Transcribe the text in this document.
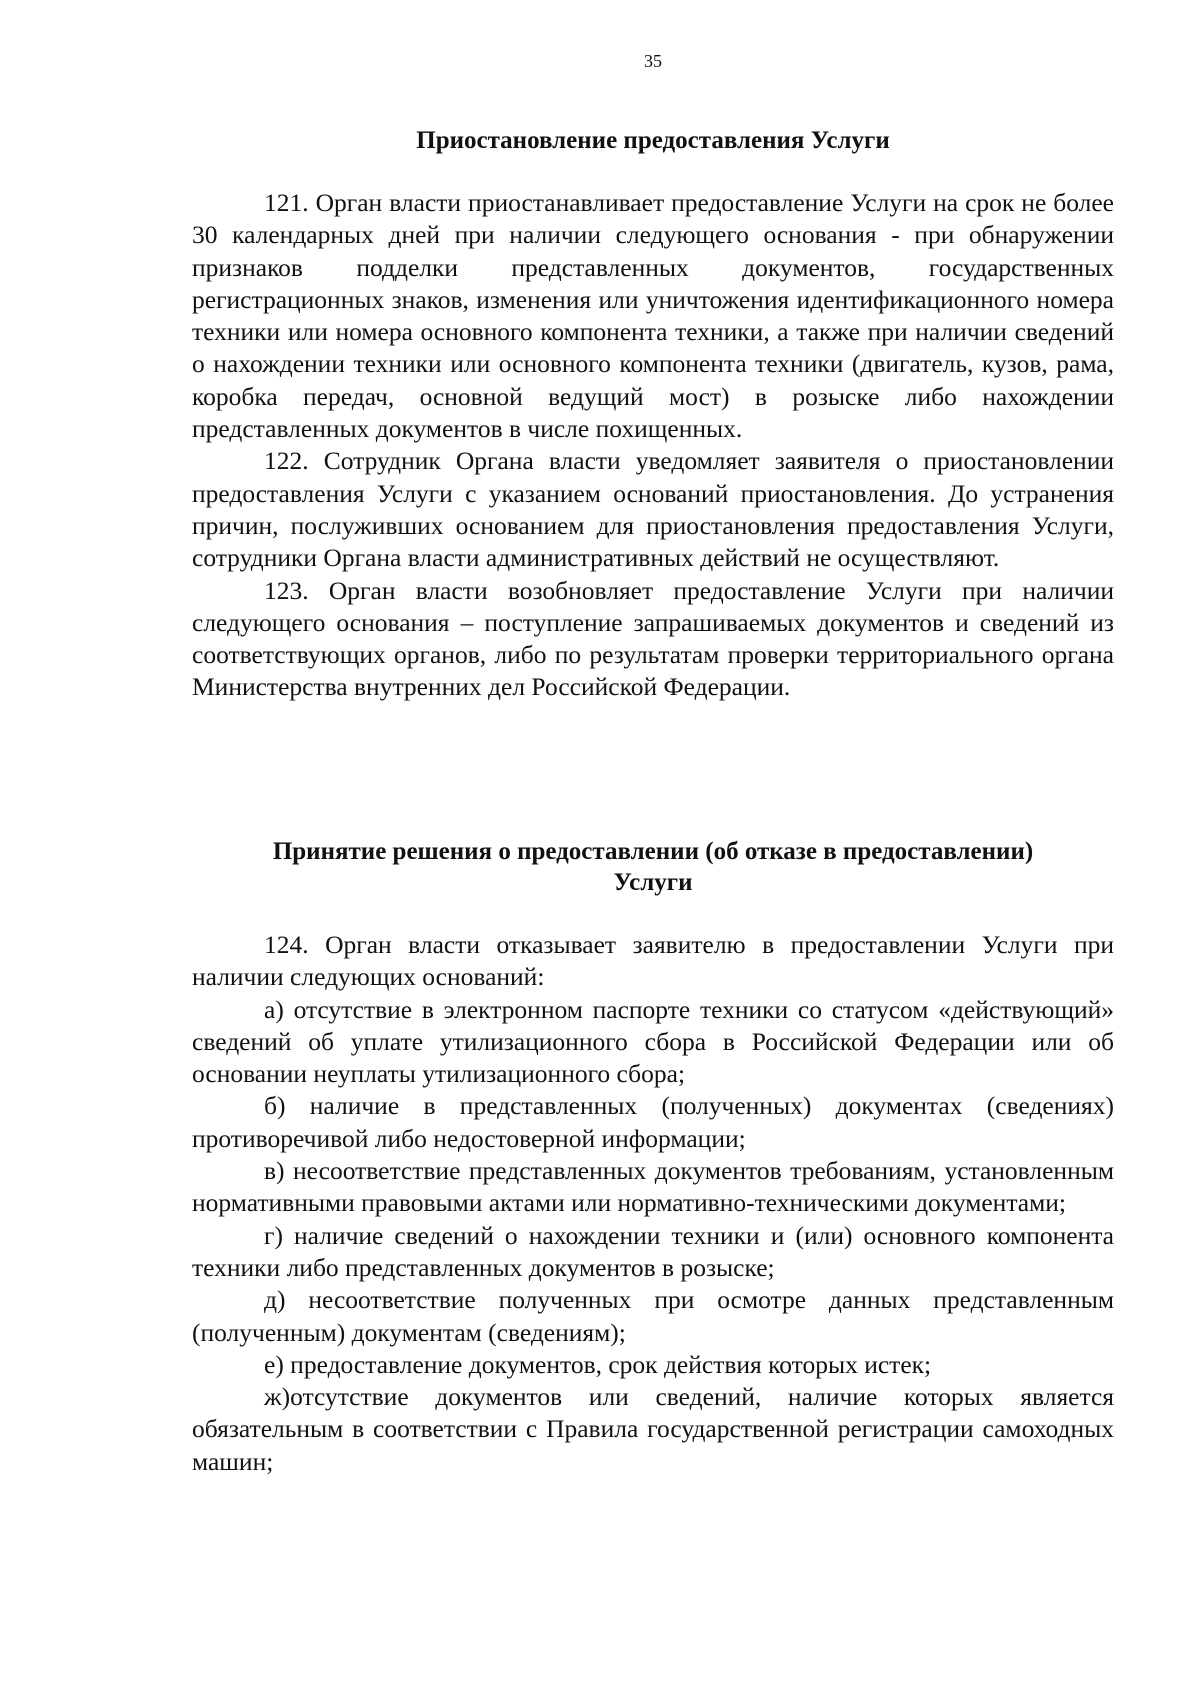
35
Приостановление предоставления Услуги

121. Орган власти приостанавливает предоставление Услуги на срок не более 30 календарных дней при наличии следующего основания - при обнаружении признаков подделки представленных документов, государственных регистрационных знаков, изменения или уничтожения идентификационного номера техники или номера основного компонента техники, а также при наличии сведений о нахождении техники или основного компонента техники (двигатель, кузов, рама, коробка передач, основной ведущий мост) в розыске либо нахождении представленных документов в числе похищенных.

122. Сотрудник Органа власти уведомляет заявителя о приостановлении предоставления Услуги с указанием оснований приостановления. До устранения причин, послуживших основанием для приостановления предоставления Услуги, сотрудники Органа власти административных действий не осуществляют.

123. Орган власти возобновляет предоставление Услуги при наличии следующего основания – поступление запрашиваемых документов и сведений из соответствующих органов, либо по результатам проверки территориального органа Министерства внутренних дел Российской Федерации.

Принятие решения о предоставлении (об отказе в предоставлении)
Услуги

124. Орган власти отказывает заявителю в предоставлении Услуги при наличии следующих оснований:

а) отсутствие в электронном паспорте техники со статусом «действующий» сведений об уплате утилизационного сбора в Российской Федерации или об основании неуплаты утилизационного сбора;

б) наличие в представленных (полученных) документах (сведениях) противоречивой либо недостоверной информации;

в) несоответствие представленных документов требованиям, установленным нормативными правовыми актами или нормативно-техническими документами;

г) наличие сведений о нахождении техники и (или) основного компонента техники либо представленных документов в розыске;

д) несоответствие полученных при осмотре данных представленным (полученным) документам (сведениям);

е) предоставление документов, срок действия которых истек;

ж)отсутствие документов или сведений, наличие которых является обязательным в соответствии с Правила государственной регистрации самоходных машин;
